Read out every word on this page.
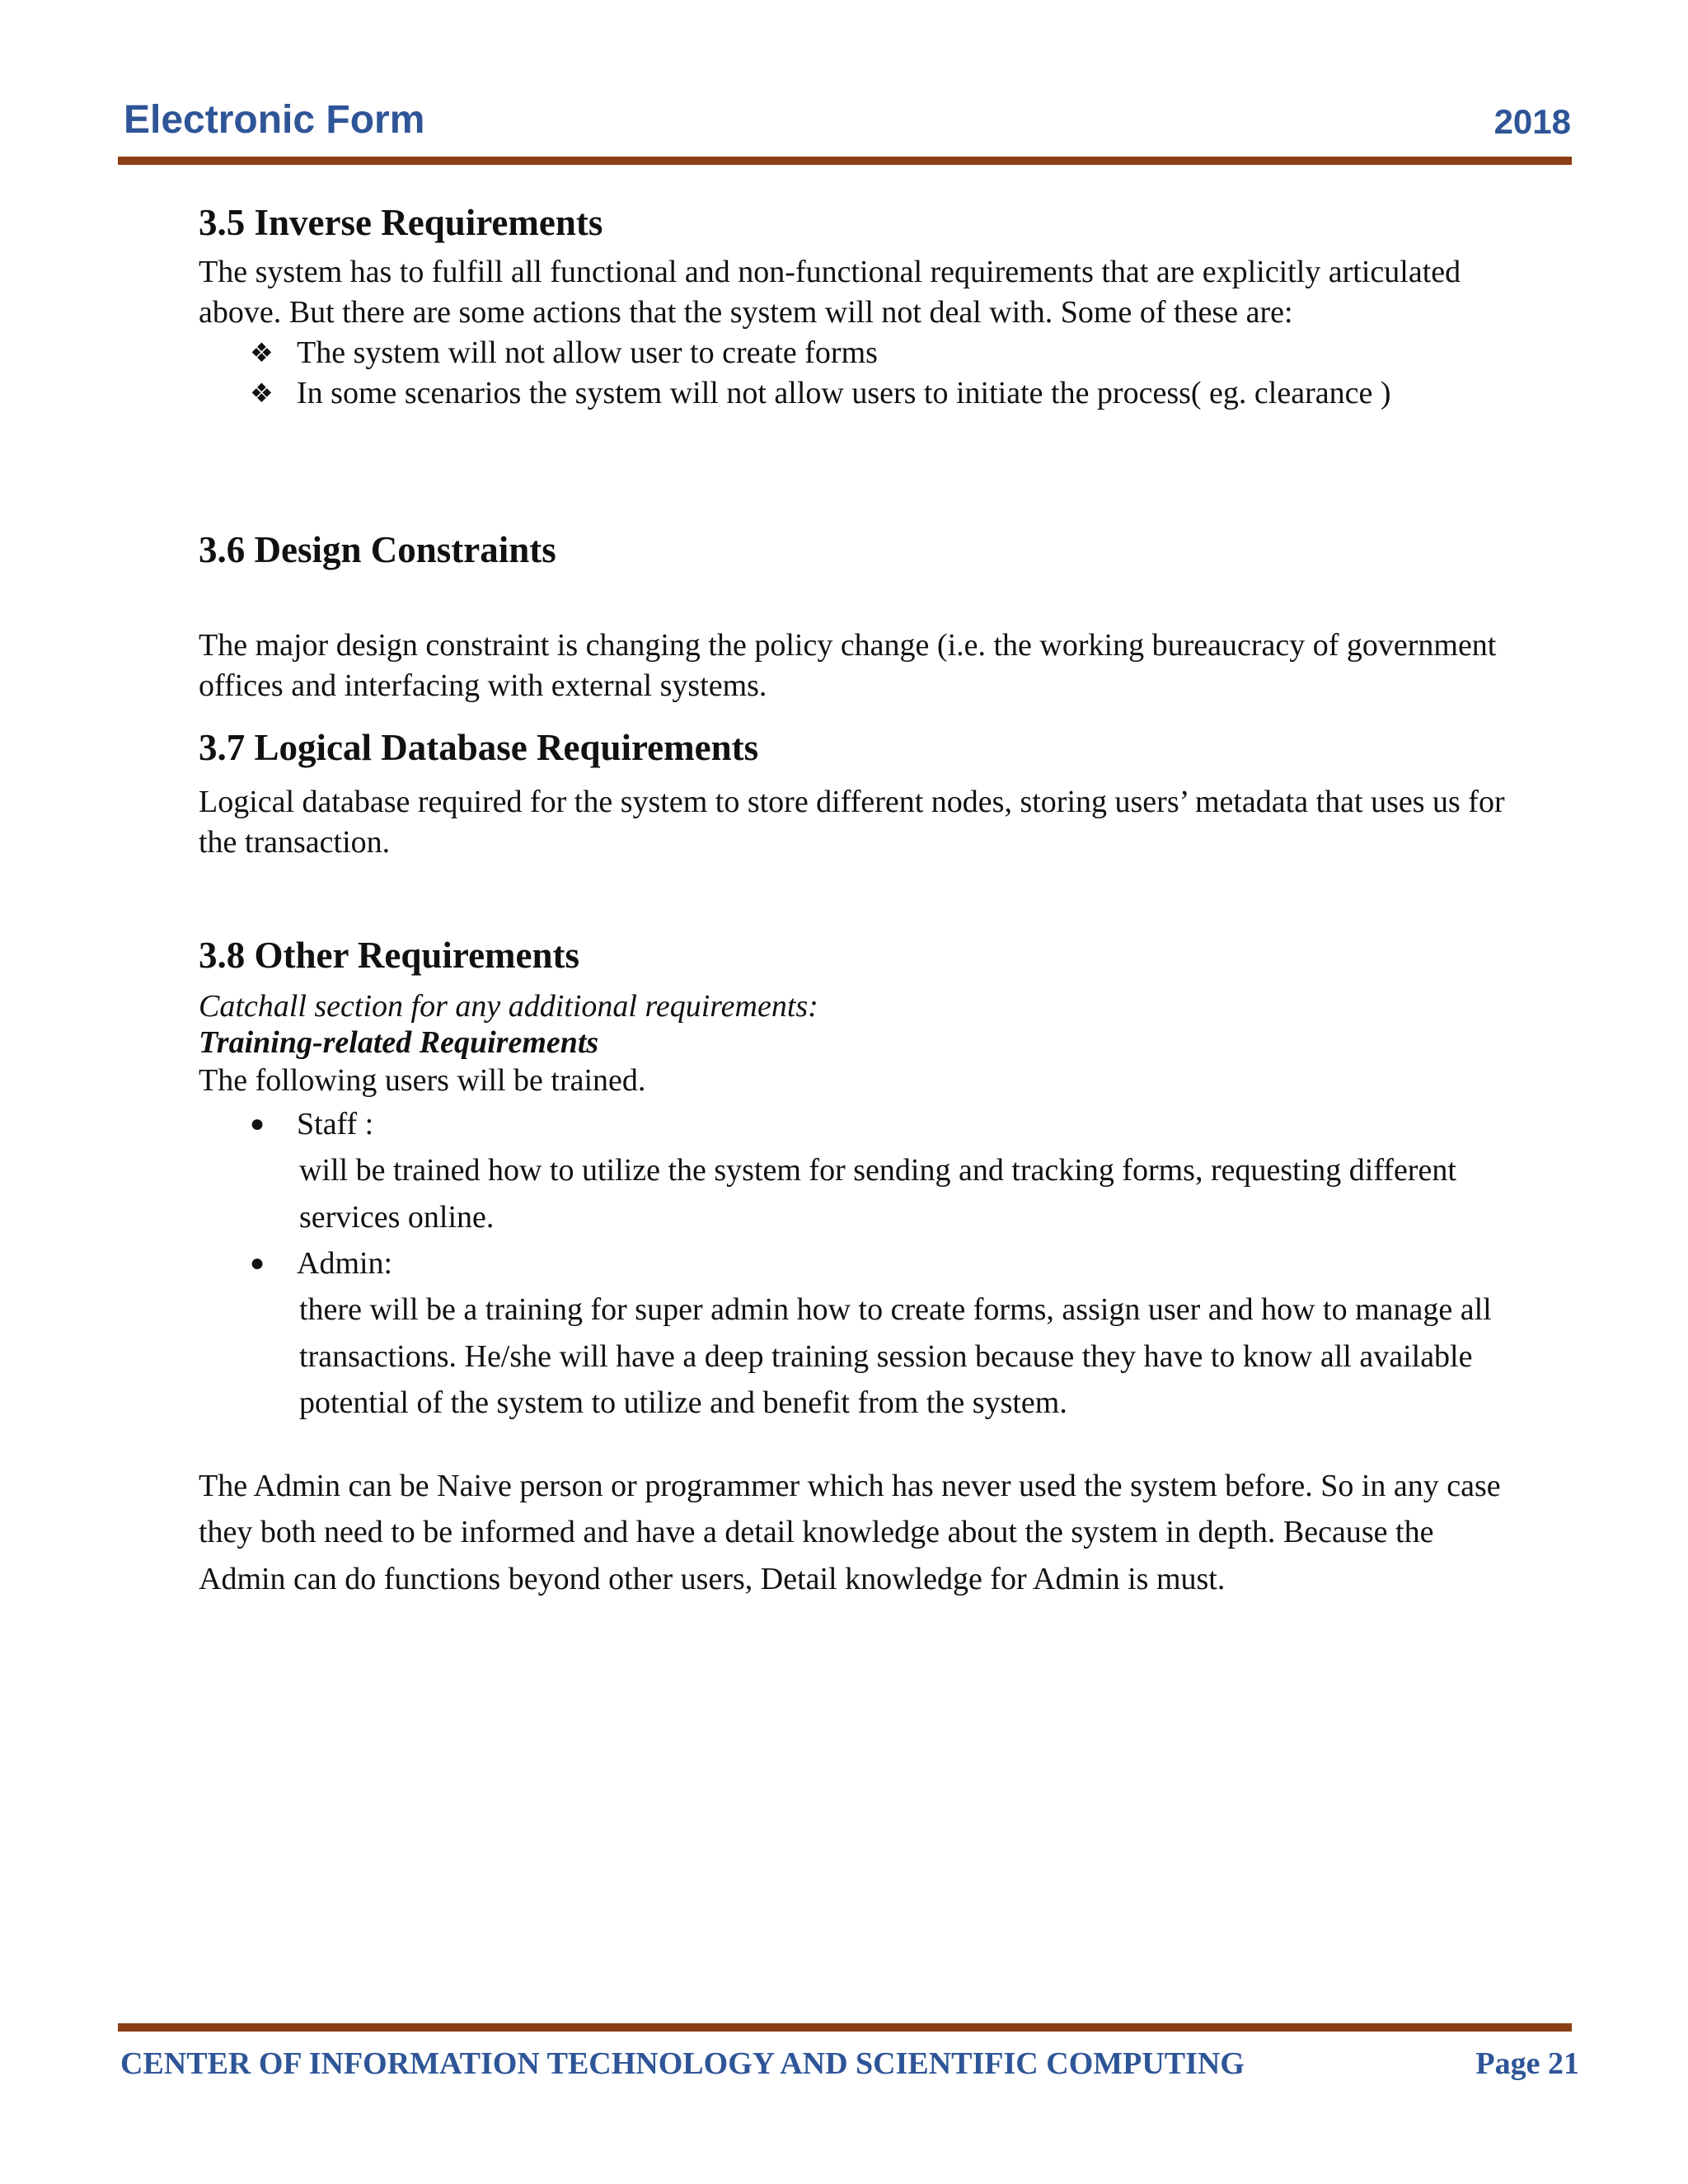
Electronic Form	2018
3.5 Inverse Requirements

The system has to fulfill all functional and non-functional requirements that are explicitly articulated above. But there are some actions that the system will not deal with. Some of these are:

❖ The system will not allow user to create forms
❖ In some scenarios the system will not allow users to initiate the process( eg. clearance )
3.6 Design Constraints

The major design constraint is changing the policy change (i.e. the working bureaucracy of government offices and interfacing with external systems.

3.7 Logical Database Requirements

Logical database required for the system to store different nodes, storing users’ metadata that uses us for the transaction.

3.8 Other Requirements

Catchall section for any additional requirements:

Training-related Requirements

The following users will be trained.

● Staff :

will be trained how to utilize the system for sending and tracking forms, requesting different services online.

● Admin:

there will be a training for super admin how to create forms, assign user and how to manage all transactions. He/she will have a deep training session because they have to know all available potential of the system to utilize and benefit from the system.

The Admin can be Naive person or programmer which has never used the system before. So in any case they both need to be informed and have a detail knowledge about the system in depth. Because the Admin can do functions beyond other users, Detail knowledge for Admin is must.

CENTER OF INFORMATION TECHNOLOGY AND SCIENTIFIC COMPUTING	Page 21
